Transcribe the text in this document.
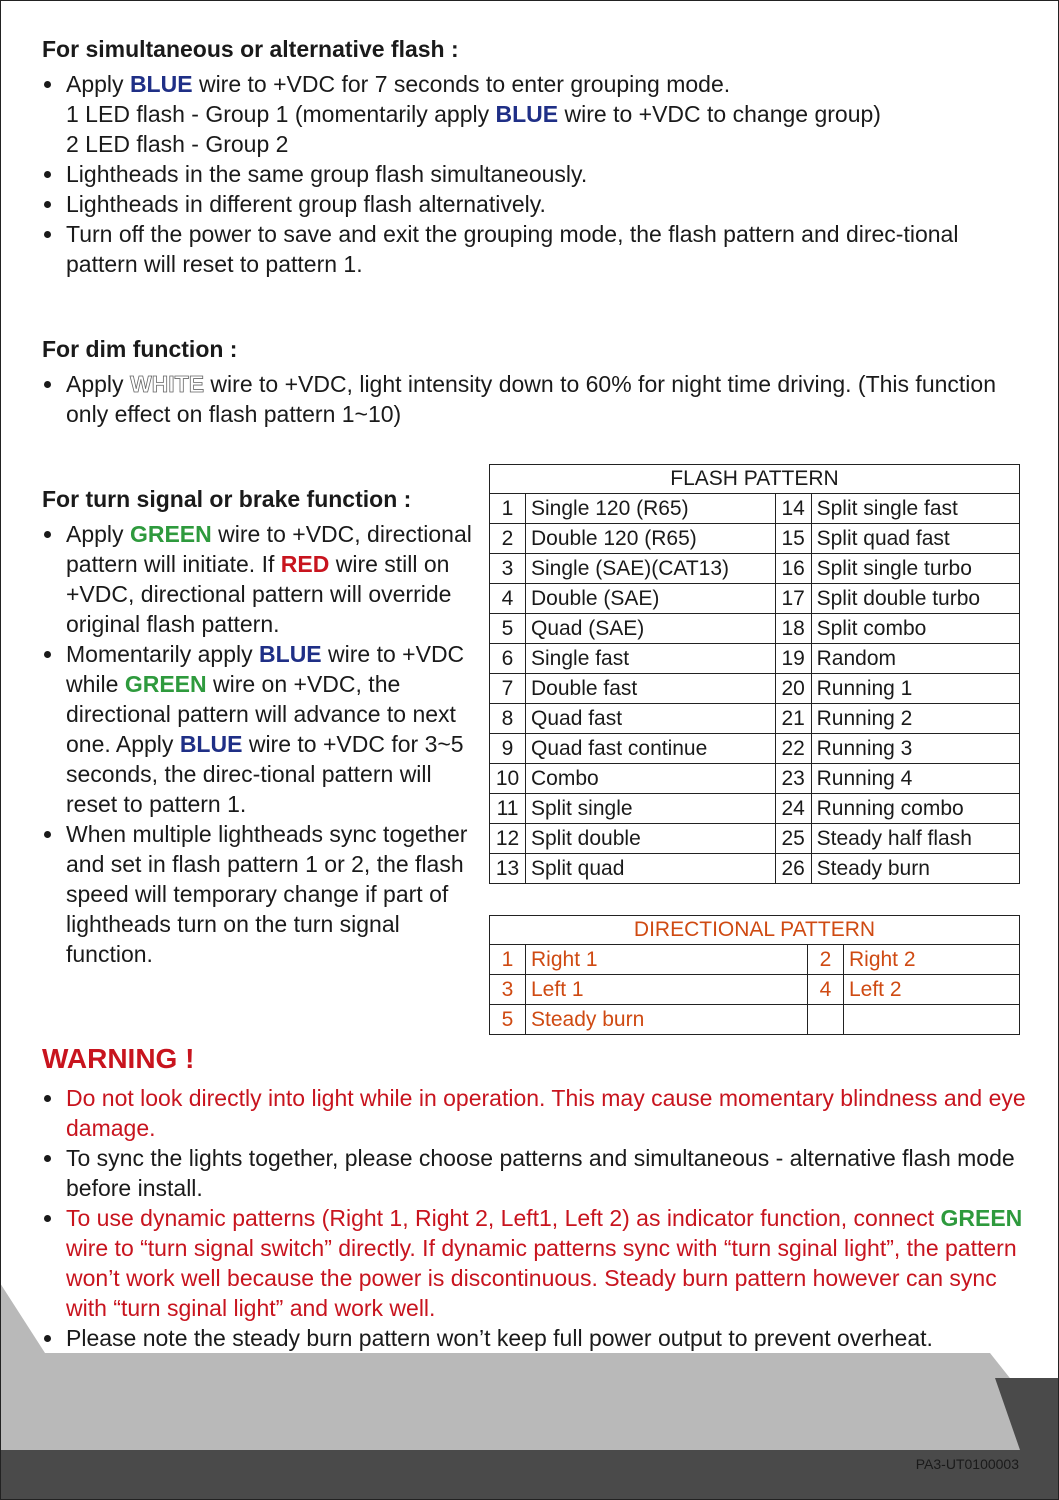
For simultaneous or alternative flash :
Apply BLUE wire to +VDC for 7 seconds to enter grouping mode.
1 LED flash - Group 1 (momentarily apply BLUE wire to +VDC to change group)
2 LED flash - Group 2
Lightheads in the same group flash simultaneously.
Lightheads in different group flash alternatively.
Turn off the power to save and exit the grouping mode, the flash pattern and direc-tional pattern will reset to pattern 1.
For dim function :
Apply WHITE wire to +VDC, light intensity down to 60% for night time driving. (This function only effect on flash pattern 1~10)
For turn signal or brake function :
Apply GREEN wire to +VDC, directional pattern will initiate. If RED wire still on +VDC, directional pattern will override original flash pattern.
Momentarily apply BLUE wire to +VDC while GREEN wire on +VDC, the directional pattern will advance to next one. Apply BLUE wire to +VDC for 3~5 seconds, the direc-tional pattern will reset to pattern 1.
When multiple lightheads sync together and set in flash pattern 1 or 2, the flash speed will temporary change if part of lightheads turn on the turn signal function.
FLASH PATTERN			
1	Single 120 (R65)	14	Split single fast
2	Double 120 (R65)	15	Split quad fast
3	Single (SAE)(CAT13)	16	Split single turbo
4	Double (SAE)	17	Split double turbo
5	Quad (SAE)	18	Split combo
6	Single fast	19	Random
7	Double fast	20	Running 1
8	Quad fast	21	Running 2
9	Quad fast continue	22	Running 3
10	Combo	23	Running 4
11	Split single	24	Running combo
12	Split double	25	Steady half flash
13	Split quad	26	Steady burn
DIRECTIONAL PATTERN			
1	Right 1	2	Right 2
3	Left 1	4	Left 2
5	Steady burn		
WARNING !
Do not look directly into light while in operation. This may cause momentary blindness and eye damage.
To sync the lights together, please choose patterns and simultaneous - alternative flash mode before install.
To use dynamic patterns (Right 1, Right 2, Left1, Left 2) as indicator function, connect GREEN wire to “turn signal switch” directly. If dynamic patterns sync with “turn sginal light”, the pattern won’t work well because the power is discontinuous. Steady burn pattern however can sync with “turn sginal light” and work well.
Please note the steady burn pattern won’t keep full power output to prevent overheat.
PA3-UT0100003
